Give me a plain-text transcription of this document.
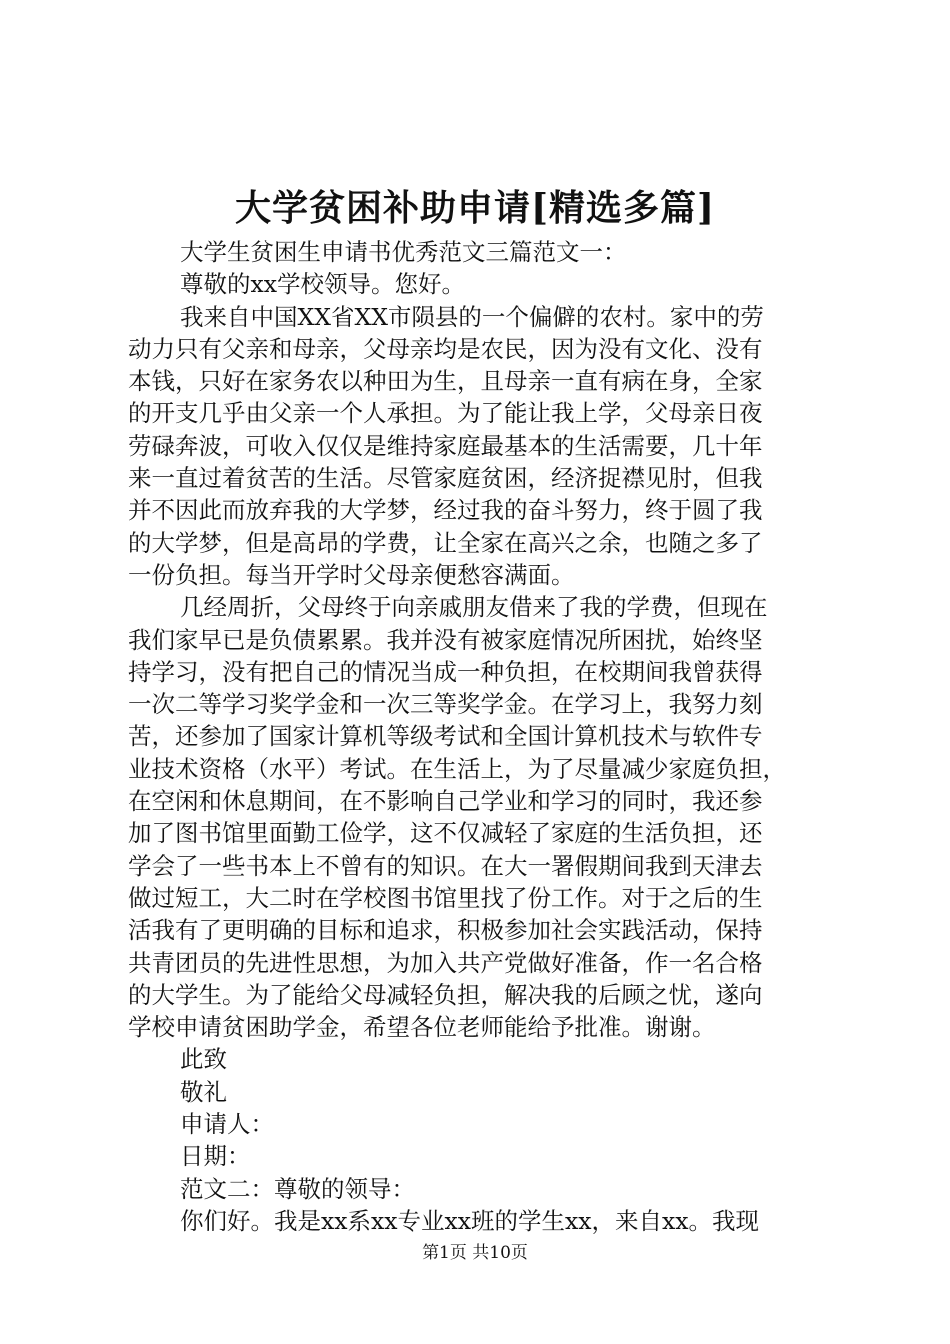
大学贫困补助申请[精选多篇]
大学生贫困生申请书优秀范文三篇范文一：
尊敬的xx学校领导。您好。
我来自中国XX省XX市陨县的一个偏僻的农村。家中的劳
动力只有父亲和母亲，父母亲均是农民，因为没有文化、没有
本钱，只好在家务农以种田为生，且母亲一直有病在身，全家
的开支几乎由父亲一个人承担。为了能让我上学，父母亲日夜
劳碌奔波，可收入仅仅是维持家庭最基本的生活需要，几十年
来一直过着贫苦的生活。尽管家庭贫困，经济捉襟见肘，但我
并不因此而放弃我的大学梦，经过我的奋斗努力，终于圆了我
的大学梦，但是高昂的学费，让全家在高兴之余，也随之多了
一份负担。每当开学时父母亲便愁容满面。
几经周折，父母终于向亲戚朋友借来了我的学费，但现在
我们家早已是负债累累。我并没有被家庭情况所困扰，始终坚
持学习，没有把自己的情况当成一种负担，在校期间我曾获得
一次二等学习奖学金和一次三等奖学金。在学习上，我努力刻
苦，还参加了国家计算机等级考试和全国计算机技术与软件专
业技术资格（水平）考试。在生活上，为了尽量减少家庭负担，
在空闲和休息期间，在不影响自己学业和学习的同时，我还参
加了图书馆里面勤工俭学，这不仅减轻了家庭的生活负担，还
学会了一些书本上不曾有的知识。在大一署假期间我到天津去
做过短工，大二时在学校图书馆里找了份工作。对于之后的生
活我有了更明确的目标和追求，积极参加社会实践活动，保持
共青团员的先进性思想，为加入共产党做好准备，作一名合格
的大学生。为了能给父母减轻负担，解决我的后顾之忧，遂向
学校申请贫困助学金，希望各位老师能给予批准。谢谢。
此致
敬礼
申请人：
日期：
范文二：尊敬的领导：
你们好。我是xx系xx专业xx班的学生xx，来自xx。我现
第1页 共10页
